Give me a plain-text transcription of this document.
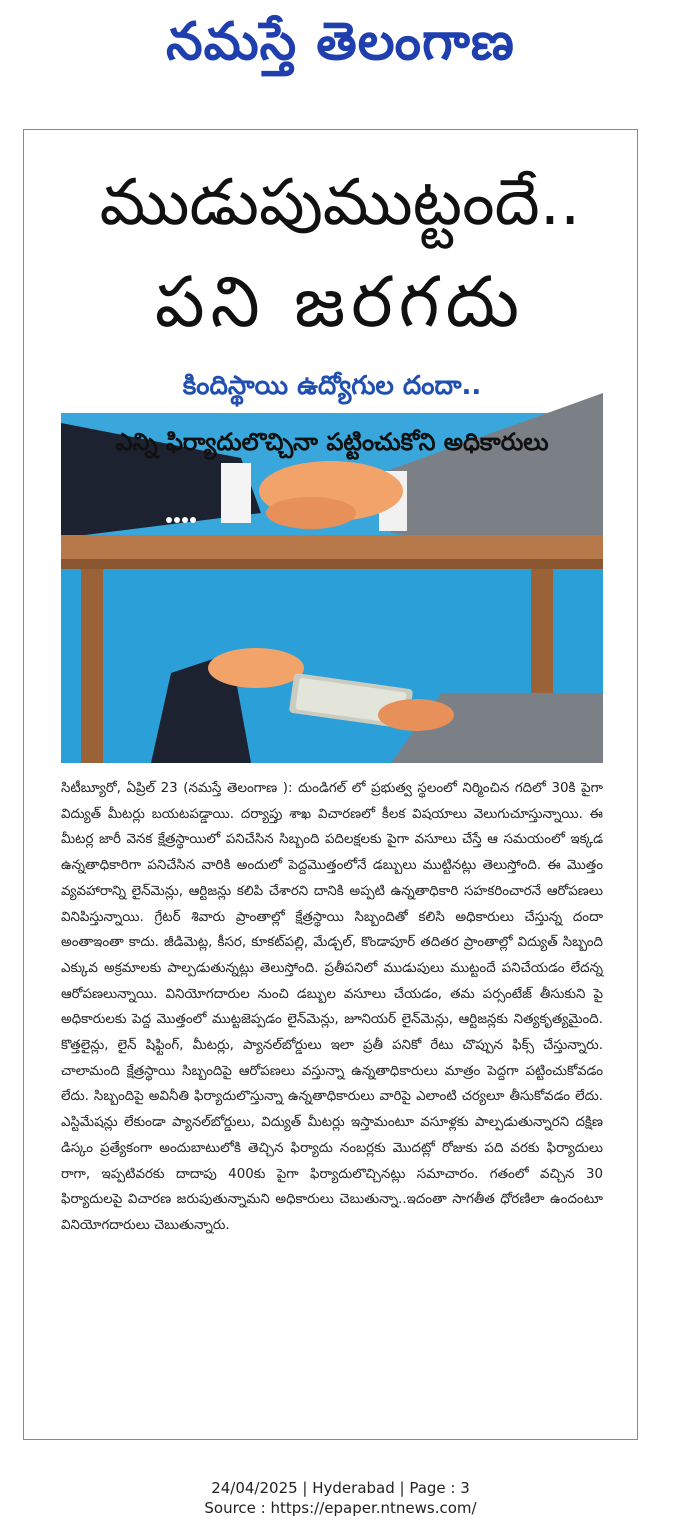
నమస్తే తెలంగాణ
ముడుపుముట్టందే..
పని జరగదు
కిందిస్థాయి ఉద్యోగుల దందా..
ఎన్ని ఫిర్యాదులొచ్చినా పట్టించుకోని అధికారులు
సిటీబ్యూరో, ఏప్రిల్ 23 (నమస్తే తెలంగాణ ): దుండిగల్ లో ప్రభుత్వ స్థలంలో నిర్మించిన గదిలో 30కి పైగా విద్యుత్ మీటర్లు బయటపడ్డాయి. దర్యాప్తు శాఖ విచారణలో కీలక విషయాలు వెలుగుచూస్తున్నాయి. ఈ మీటర్ల జారీ వెనక క్షేత్రస్థాయిలో పనిచేసిన సిబ్బంది పదిలక్షలకు పైగా వసూలు చేస్తే ఆ సమయంలో ఇక్కడ ఉన్నతాధికారిగా పనిచేసిన వారికి అందులో పెద్దమొత్తంలోనే డబ్బులు ముట్టినట్లు తెలుస్తోంది. ఈ మొత్తం వ్యవహారాన్ని లైన్‌మెన్లు, ఆర్టిజన్లు కలిపి చేశారని దానికి అప్పటి ఉన్నతాధికారి సహకరించారనే ఆరోపణలు వినిపిస్తున్నాయి. గ్రేటర్ శివారు ప్రాంతాల్లో క్షేత్రస్థాయి సిబ్బందితో కలిసి అధికారులు చేస్తున్న దందా అంతాఇంతా కాదు. జీడిమెట్ల, కీసర, కూకట్‌పల్లి, మేడ్చల్, కొండాపూర్ తదితర ప్రాంతాల్లో విద్యుత్ సిబ్బంది ఎక్కువ అక్రమాలకు పాల్పడుతున్నట్లు తెలుస్తోంది. ప్రతీపనిలో ముడుపులు ముట్టందే పనిచేయడం లేదన్న ఆరోపణలున్నాయి. వినియోగదారుల నుంచి డబ్బుల వసూలు చేయడం, తమ పర్సంటేజ్ తీసుకుని పై అధికారులకు పెద్ద మొత్తంలో ముట్టజెప్పడం లైన్‌మెన్లు, జూనియర్ లైన్‌మెన్లు, ఆర్టిజన్లకు నిత్యకృత్యమైంది. కొత్తలైన్లు, లైన్ షిఫ్టింగ్, మీటర్లు, ప్యానల్‌బోర్డులు ఇలా ప్రతీ పనికో రేటు చొప్పున ఫిక్స్ చేస్తున్నారు. చాలామంది క్షేత్రస్థాయి సిబ్బందిపై ఆరోపణలు వస్తున్నా ఉన్నతాధికారులు మాత్రం పెద్దగా పట్టించుకోవడం లేదు. సిబ్బందిపై అవినీతి ఫిర్యాదులొస్తున్నా ఉన్నతాధికారులు వారిపై ఎలాంటి చర్యలూ తీసుకోవడం లేదు. ఎస్టిమేషన్లు లేకుండా ప్యానల్‌బోర్డులు, విద్యుత్ మీటర్లు ఇస్తామంటూ వసూళ్లకు పాల్పడుతున్నారని దక్షిణ డిస్కం ప్రత్యేకంగా అందుబాటులోకి తెచ్చిన ఫిర్యాదు నంబర్లకు మొదట్లో రోజుకు పది వరకు ఫిర్యాదులు రాగా, ఇప్పటివరకు దాదాపు 400కు పైగా ఫిర్యాదులొచ్చినట్లు సమాచారం. గతంలో వచ్చిన 30 ఫిర్యాదులపై విచారణ జరుపుతున్నామని అధికారులు చెబుతున్నా..ఇదంతా సాగతీత ధోరణిలా ఉందంటూ వినియోగదారులు చెబుతున్నారు.
24/04/2025 | Hyderabad | Page : 3
Source : https://epaper.ntnews.com/
